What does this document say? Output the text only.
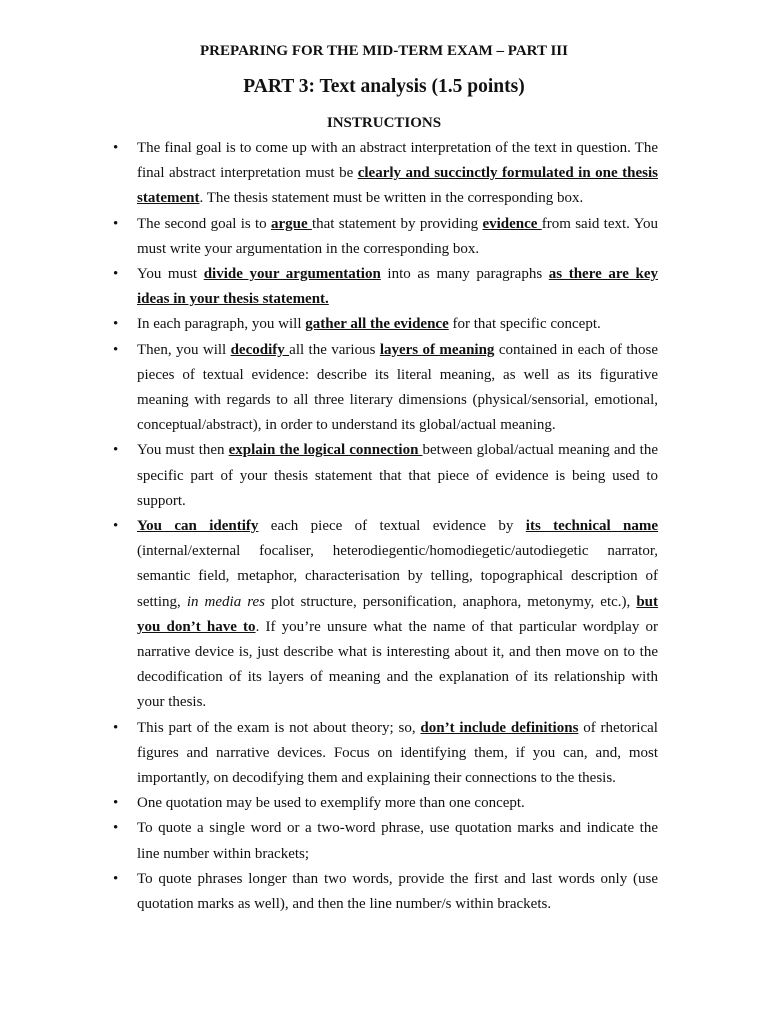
PREPARING FOR THE MID-TERM EXAM – PART III
PART 3: Text analysis (1.5 points)
INSTRUCTIONS
• The final goal is to come up with an abstract interpretation of the text in question. The final abstract interpretation must be clearly and succinctly formulated in one thesis statement. The thesis statement must be written in the corresponding box.
• The second goal is to argue that statement by providing evidence from said text. You must write your argumentation in the corresponding box.
• You must divide your argumentation into as many paragraphs as there are key ideas in your thesis statement.
• In each paragraph, you will gather all the evidence for that specific concept.
• Then, you will decodify all the various layers of meaning contained in each of those pieces of textual evidence: describe its literal meaning, as well as its figurative meaning with regards to all three literary dimensions (physical/sensorial, emotional, conceptual/abstract), in order to understand its global/actual meaning.
• You must then explain the logical connection between global/actual meaning and the specific part of your thesis statement that that piece of evidence is being used to support.
• You can identify each piece of textual evidence by its technical name (internal/external focaliser, heterodiegentic/homodiegetic/autodiegetic narrator, semantic field, metaphor, characterisation by telling, topographical description of setting, in media res plot structure, personification, anaphora, metonymy, etc.), but you don’t have to. If you’re unsure what the name of that particular wordplay or narrative device is, just describe what is interesting about it, and then move on to the decodification of its layers of meaning and the explanation of its relationship with your thesis.
• This part of the exam is not about theory; so, don’t include definitions of rhetorical figures and narrative devices. Focus on identifying them, if you can, and, most importantly, on decodifying them and explaining their connections to the thesis.
• One quotation may be used to exemplify more than one concept.
• To quote a single word or a two-word phrase, use quotation marks and indicate the line number within brackets;
• To quote phrases longer than two words, provide the first and last words only (use quotation marks as well), and then the line number/s within brackets.
